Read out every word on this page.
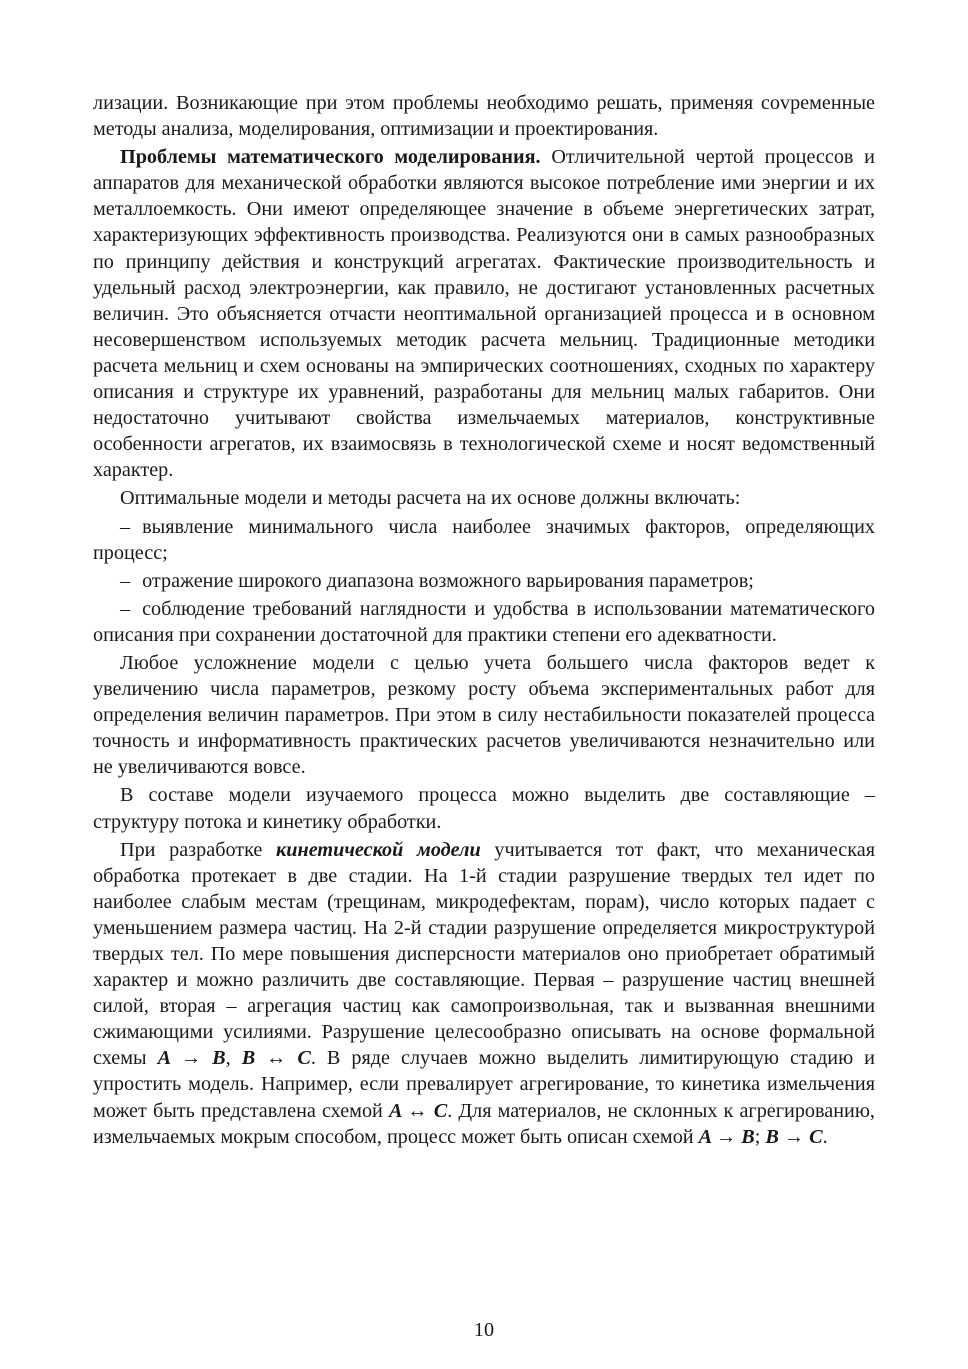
лизации. Возникающие при этом проблемы необходимо решать, применяя соvременные методы анализа, моделирования, оптимизации и проектирования.

Проблемы математического моделирования. Отличительной чертой процессов и аппаратов для механической обработки являются высокое потребление ими энергии и их металлоемкость. Они имеют определяющее значение в объеме энергетических затрат, характеризующих эффективность производства. Реализуются они в самых разнообразных по принципу действия и конструкций агрегатах. Фактические производительность и удельный расход электроэнергии, как правило, не достигают установленных расчетных величин. Это объясняется отчасти неоптимальной организацией процесса и в основном несовершенством используемых методик расчета мельниц. Традиционные методики расчета мельниц и схем основаны на эмпирических соотношениях, сходных по характеру описания и структуре их уравнений, разработаны для мельниц малых габаритов. Они недостаточно учитывают свойства измельчаемых материалов, конструктивные особенности агрегатов, их взаимосвязь в технологической схеме и носят ведомственный характер.

Оптимальные модели и методы расчета на их основе должны включать:

– выявление минимального числа наиболее значимых факторов, определяющих процесс;

– отражение широкого диапазона возможного варьирования параметров;

– соблюдение требований наглядности и удобства в использовании математического описания при сохранении достаточной для практики степени его адекватности.

Любое усложнение модели с целью учета большего числа факторов ведет к увеличению числа параметров, резкому росту объема экспериментальных работ для определения величин параметров. При этом в силу нестабильности показателей процесса точность и информативность практических расчетов увеличиваются незначительно или не увеличиваются вовсе.

В составе модели изучаемого процесса можно выделить две составляющие – структуру потока и кинетику обработки.

При разработке кинетической модели учитывается тот факт, что механическая обработка протекает в две стадии. На 1-й стадии разрушение твердых тел идет по наиболее слабым местам (трещинам, микродефектам, порам), число которых падает с уменьшением размера частиц. На 2-й стадии разрушение определяется микроструктурой твердых тел. По мере повышения дисперсности материалов оно приобретает обратимый характер и можно различить две составляющие. Первая – разрушение частиц внешней силой, вторая – агрегация частиц как самопроизвольная, так и вызванная внешними сжимающими усилиями. Разрушение целесообразно описывать на основе формальной схемы A → B, B ↔ C. В ряде случаев можно выделить лимитирующую стадию и упростить модель. Например, если превалирует агрегирование, то кинетика измельчения может быть представлена схемой A ↔ C. Для материалов, не склонных к агрегированию, измельчаемых мокрым способом, процесс может быть описан схемой A → B; B → C.

10
